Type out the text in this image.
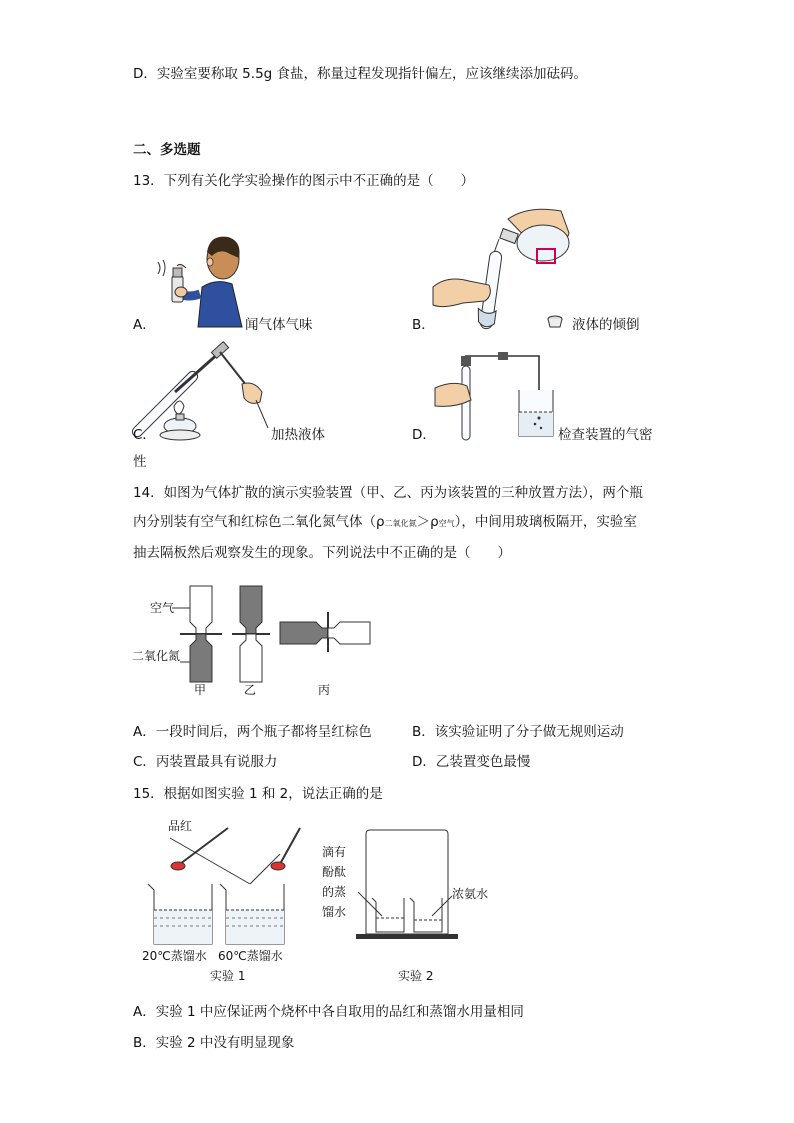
D．实验室要称取 5.5g 食盐，称量过程发现指针偏左，应该继续添加砝码。
二、多选题
13．下列有关化学实验操作的图示中不正确的是（　　）
A．	闻气体气味	B．	液体的倾倒
C．	加热液体	D．	检查装置的气密
性
14．如图为气体扩散的演示实验装置（甲、乙、丙为该装置的三种放置方法），两个瓶
内分别装有空气和红棕色二氧化氮气体（ρ二氧化氮＞ρ空气），中间用玻璃板隔开，实验室
抽去隔板然后观察发生的现象。下列说法中不正确的是（　　）
空气
二氧化氮
甲	乙	丙
A．一段时间后，两个瓶子都将呈红棕色	B．该实验证明了分子做无规则运动
C．丙装置最具有说服力	D．乙装置变色最慢
15．根据如图实验 1 和 2，说法正确的是
品红
20℃蒸馏水 60℃蒸馏水
实验 1
滴有
酚酞
的蒸
馏水
浓氨水
实验 2
A．实验 1 中应保证两个烧杯中各自取用的品红和蒸馏水用量相同
B．实验 2 中没有明显现象
